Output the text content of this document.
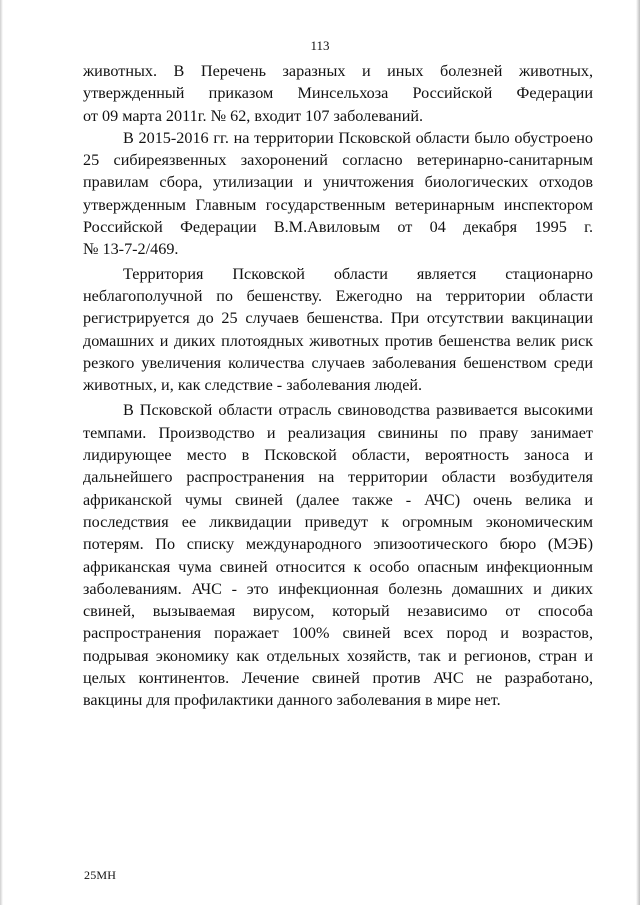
113

животных. В Перечень заразных и иных болезней животных,
утвержденный приказом Минсельхоза Российской Федерации
от 09 марта 2011г. № 62, входит 107 заболеваний.

В 2015-2016 гг. на территории Псковской области было обустроено
25 сибиреязвенных захоронений согласно ветеринарно-санитарным
правилам сбора, утилизации и уничтожения биологических отходов
утвержденным Главным государственным ветеринарным инспектором
Российской Федерации В.М.Авиловым от 04 декабря 1995 г.
№ 13-7-2/469.

Территория Псковской области является стационарно
неблагополучной по бешенству. Ежегодно на территории области
регистрируется до 25 случаев бешенства. При отсутствии вакцинации
домашних и диких плотоядных животных против бешенства велик риск
резкого увеличения количества случаев заболевания бешенством среди
животных, и, как следствие - заболевания людей.

В Псковской области отрасль свиноводства развивается высокими
темпами. Производство и реализация свинины по праву занимает
лидирующее место в Псковской области, вероятность заноса и
дальнейшего распространения на территории области возбудителя
африканской чумы свиней (далее также - АЧС) очень велика и
последствия ее ликвидации приведут к огромным экономическим
потерям. По списку международного эпизоотического бюро (МЭБ)
африканская чума свиней относится к особо опасным инфекционным
заболеваниям. АЧС - это инфекционная болезнь домашних и диких
свиней, вызываемая вирусом, который независимо от способа
распространения поражает 100% свиней всех пород и возрастов,
подрывая экономику как отдельных хозяйств, так и регионов, стран и
целых континентов. Лечение свиней против АЧС не разработано,
вакцины для профилактики данного заболевания в мире нет.

25МН
